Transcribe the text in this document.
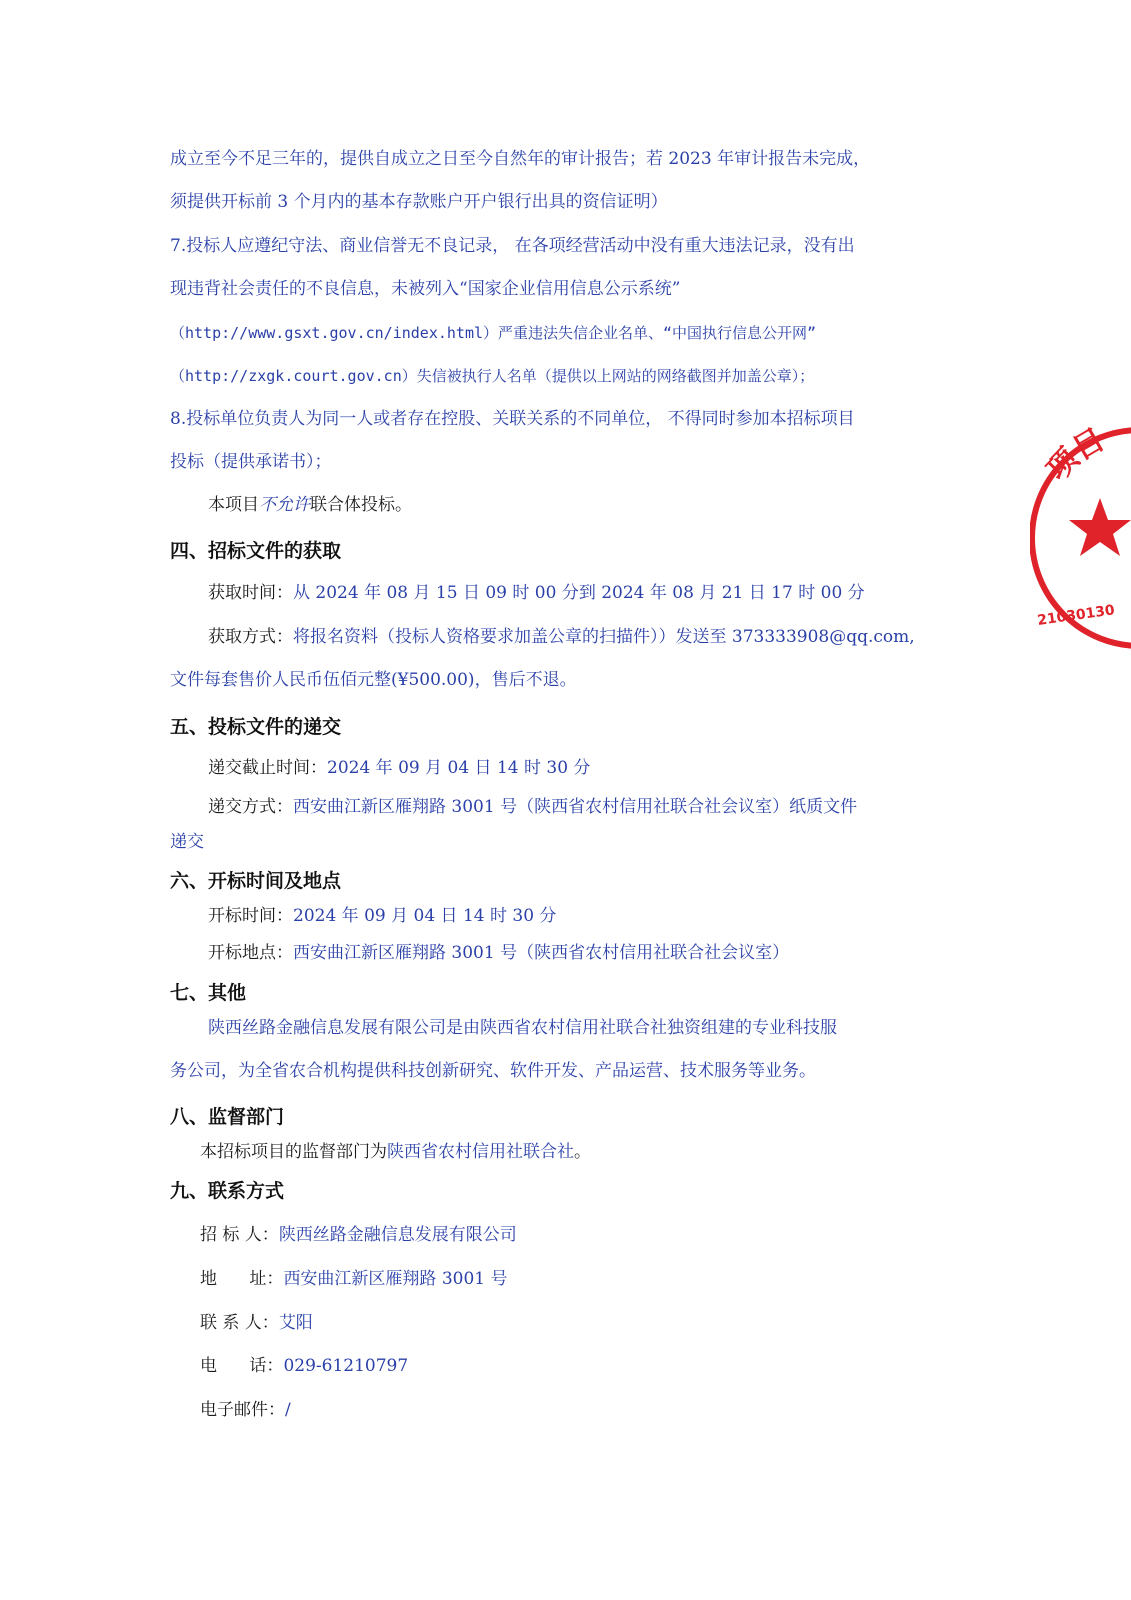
成立至今不足三年的，提供自成立之日至今自然年的审计报告；若 2023 年审计报告未完成，
须提供开标前 3 个月内的基本存款账户开户银行出具的资信证明）
7.投标人应遵纪守法、商业信誉无不良记录， 在各项经营活动中没有重大违法记录，没有出
现违背社会责任的不良信息，未被列入“国家企业信用信息公示系统”
（http://www.gsxt.gov.cn/index.html）严重违法失信企业名单、“中国执行信息公开网”
（http://zxgk.court.gov.cn）失信被执行人名单（提供以上网站的网络截图并加盖公章）；
8.投标单位负责人为同一人或者存在控股、关联关系的不同单位， 不得同时参加本招标项目
投标（提供承诺书）；
本项目不允许联合体投标。
四、招标文件的获取
获取时间：从 2024 年 08 月 15 日 09 时 00 分到 2024 年 08 月 21 日 17 时 00 分
获取方式：将报名资料（投标人资格要求加盖公章的扫描件））发送至 373333908@qq.com,
文件每套售价人民币伍佰元整(¥500.00)，售后不退。
五、投标文件的递交
递交截止时间：2024 年 09 月 04 日 14 时 30 分
递交方式：西安曲江新区雁翔路 3001 号（陕西省农村信用社联合社会议室）纸质文件
递交
六、开标时间及地点
开标时间：2024 年 09 月 04 日 14 时 30 分
开标地点：西安曲江新区雁翔路 3001 号（陕西省农村信用社联合社会议室）
七、其他
陕西丝路金融信息发展有限公司是由陕西省农村信用社联合社独资组建的专业科技服
务公司，为全省农合机构提供科技创新研究、软件开发、产品运营、技术服务等业务。
八、监督部门
本招标项目的监督部门为陕西省农村信用社联合社。
九、联系方式
招 标 人：陕西丝路金融信息发展有限公司
地      址：西安曲江新区雁翔路 3001 号
联 系 人：艾阳
电      话：029-61210797
电子邮件：/
项目
21030130
